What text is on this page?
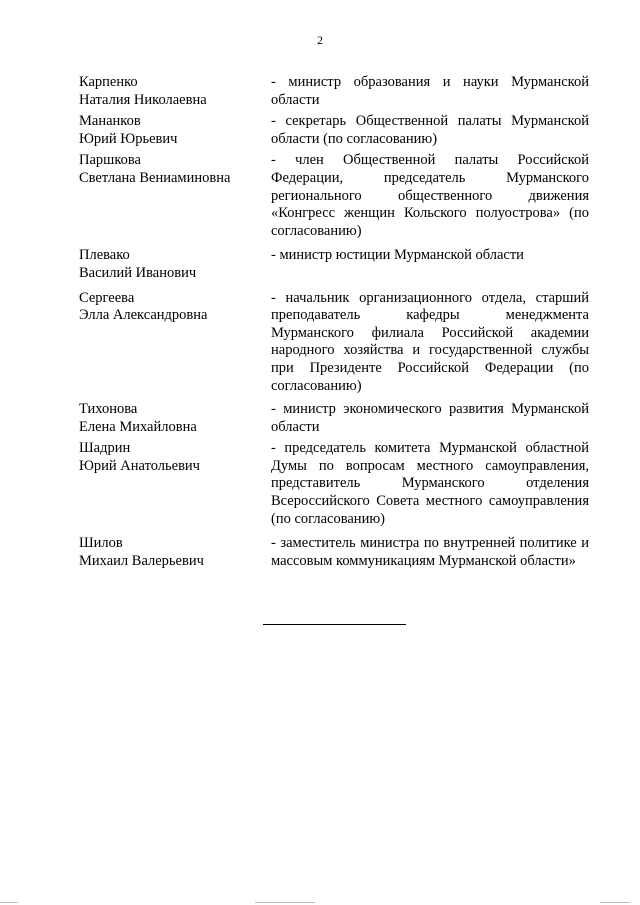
2
Карпенко
Наталия Николаевна
- министр образования и науки Мурманской области
Мананков
Юрий Юрьевич
- секретарь Общественной палаты Мурманской области (по согласованию)
Паршкова
Светлана Вениаминовна
- член Общественной палаты Российской Федерации, председатель Мурманского регионального общественного движения «Конгресс женщин Кольского полуострова» (по согласованию)
Плевако
Василий Иванович
- министр юстиции Мурманской области
Сергеева
Элла Александровна
- начальник организационного отдела, старший преподаватель кафедры менеджмента Мурманского филиала Российской академии народного хозяйства и государственной службы при Президенте Российской Федерации (по согласованию)
Тихонова
Елена Михайловна
- министр экономического развития Мурманской области
Шадрин
Юрий Анатольевич
- председатель комитета Мурманской областной Думы по вопросам местного самоуправления, представитель Мурманского отделения Всероссийского Совета местного самоуправления (по согласованию)
Шилов
Михаил Валерьевич
- заместитель министра по внутренней политике и массовым коммуникациям Мурманской области»
